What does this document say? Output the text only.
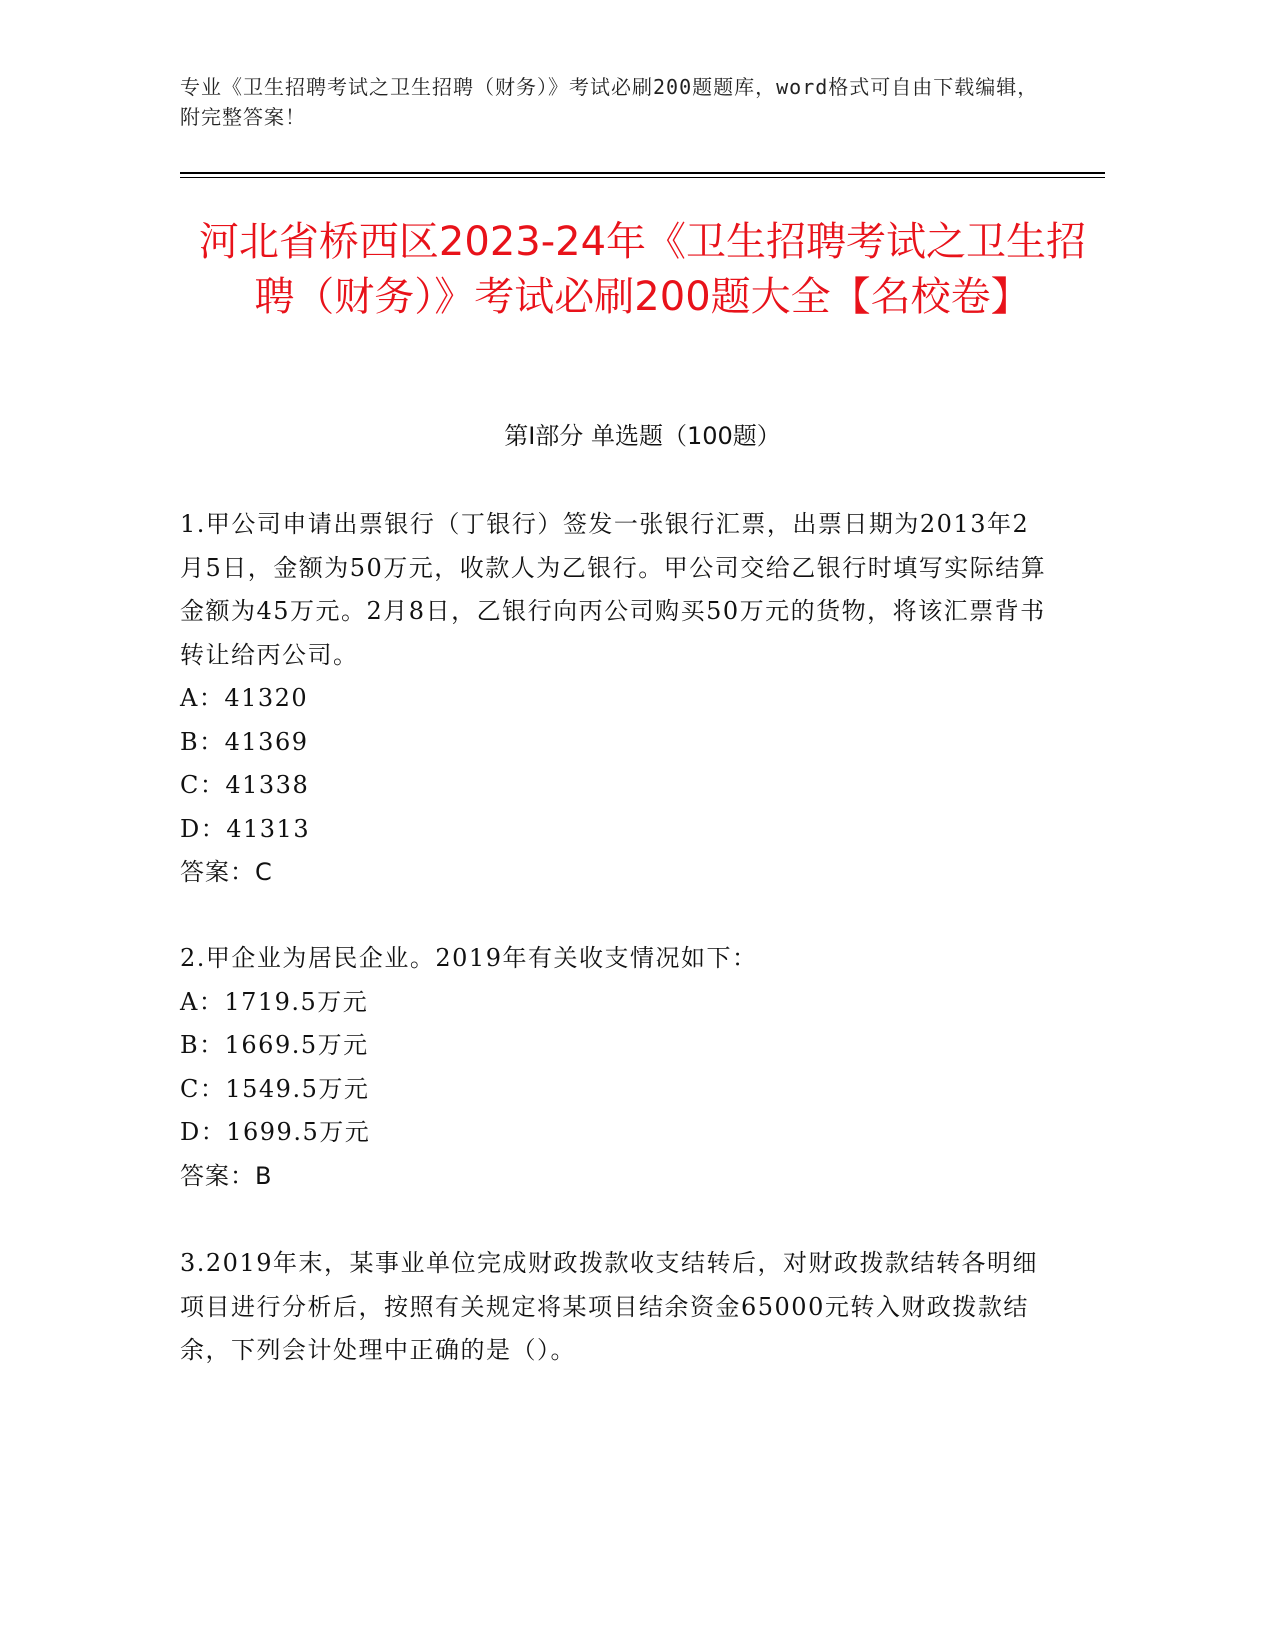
专业《卫生招聘考试之卫生招聘（财务）》考试必刷200题题库，word格式可自由下载编辑，附完整答案！
河北省桥西区2023-24年《卫生招聘考试之卫生招聘（财务）》考试必刷200题大全【名校卷】
第I部分 单选题（100题）

1.甲公司申请出票银行（丁银行）签发一张银行汇票，出票日期为2013年2月5日，金额为50万元，收款人为乙银行。甲公司交给乙银行时填写实际结算金额为45万元。2月8日，乙银行向丙公司购买50万元的货物，将该汇票背书转让给丙公司。

A：41320

B：41369

C：41338

D：41313

答案：C

2.甲企业为居民企业。2019年有关收支情况如下：

A：1719.5万元

B：1669.5万元

C：1549.5万元

D：1699.5万元

答案：B

3.2019年末，某事业单位完成财政拨款收支结转后，对财政拨款结转各明细项目进行分析后，按照有关规定将某项目结余资金65000元转入财政拨款结余，下列会计处理中正确的是（）。
